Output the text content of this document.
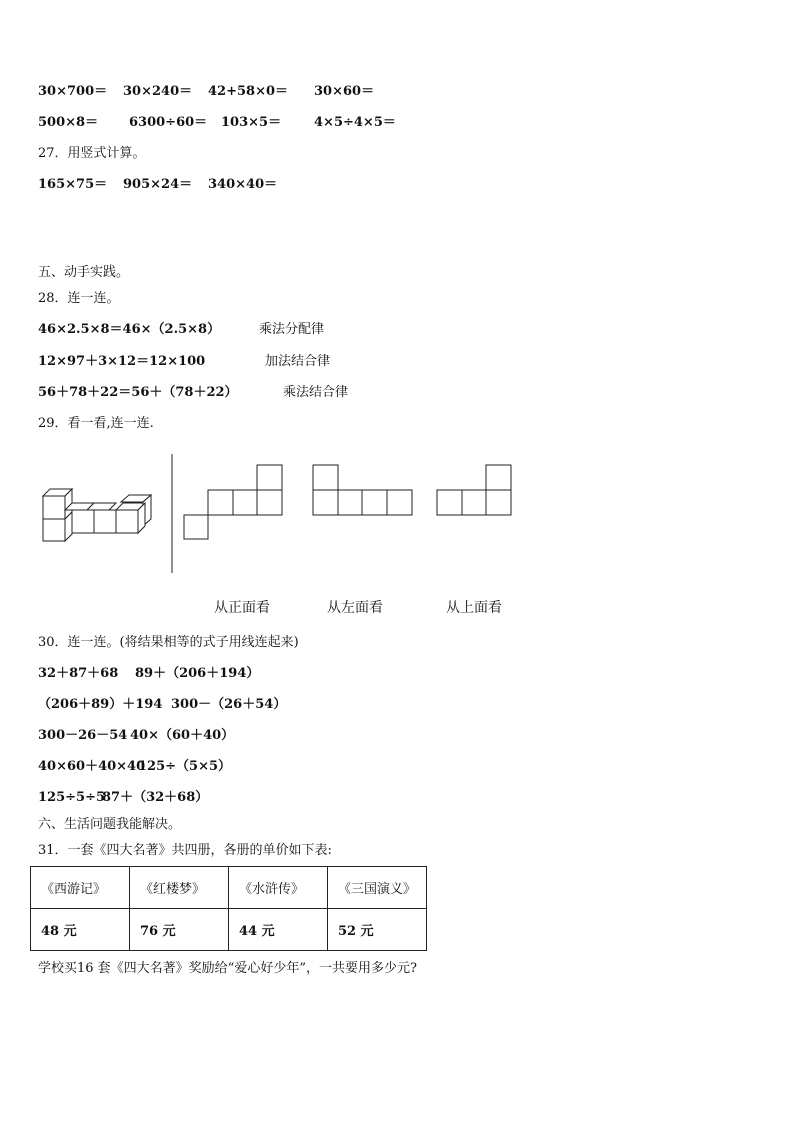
30×700＝ 30×240＝ 42+58×0＝ 30×60＝
500×8＝ 6300÷60＝ 103×5＝	4×5÷4×5＝
27．用竖式计算。
165×75＝ 905×24＝ 340×40＝
五、动手实践。
28．连一连。
46×2.5×8＝46×（2.5×8）
12×97＋3×12＝12×100
56＋78＋22＝56＋（78＋22）
乘法分配律
加法结合律
乘法结合律
29．看一看,连一连.
从正面看	从左面看	从上面看
30．连一连。(将结果相等的式子用线连起来)
32＋87＋68 89＋（206＋194）
（206＋89）＋194 300－（26＋54）
300－26－54 40×（60＋40）
40×60＋40×40
125÷（5×5）
125÷5÷5
87＋（32＋68）
六、生活问题我能解决。
31．一套《四大名著》共四册，各册的单价如下表:
《西游记》	《红楼梦》	《水浒传》	《三国演义》
48 元	76 元	44 元	52 元
学校买16 套《四大名著》奖励给“爱心好少年”，一共要用多少元?
